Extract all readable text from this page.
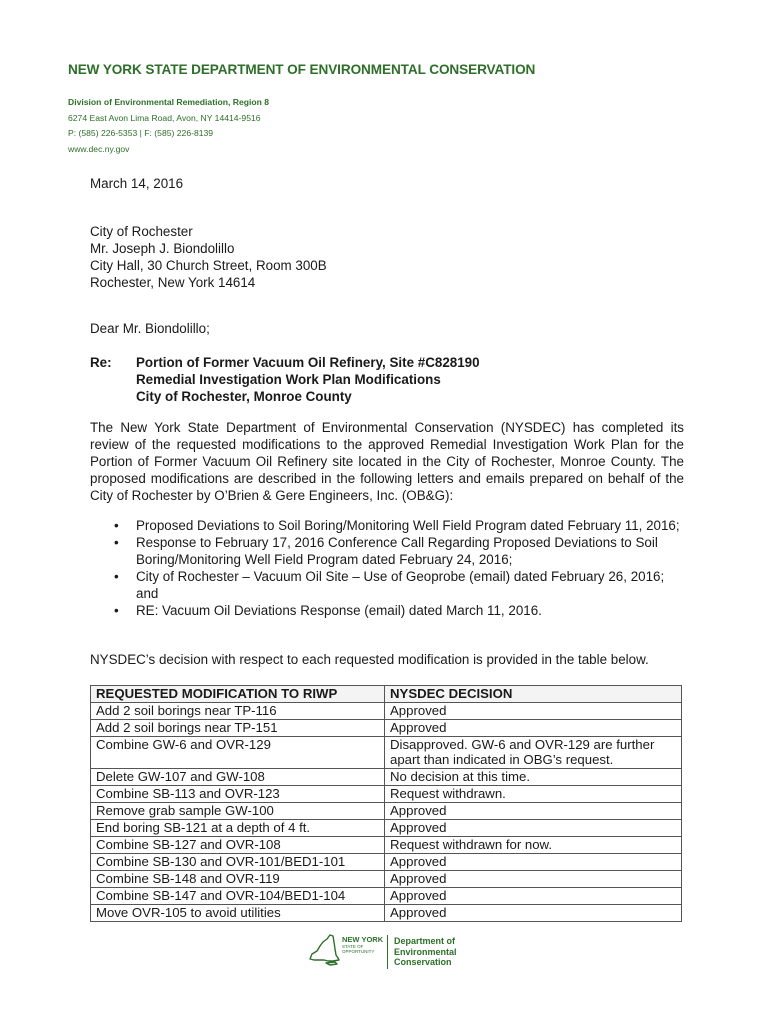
NEW YORK STATE DEPARTMENT OF ENVIRONMENTAL CONSERVATION
Division of Environmental Remediation, Region 8
6274 East Avon Lima Road, Avon, NY 14414-9516
P: (585) 226-5353 | F: (585) 226-8139
www.dec.ny.gov
March 14, 2016
City of Rochester
Mr. Joseph J. Biondolillo
City Hall, 30 Church Street, Room 300B
Rochester, New York 14614
Dear Mr. Biondolillo;
Re: Portion of Former Vacuum Oil Refinery, Site #C828190
Remedial Investigation Work Plan Modifications
City of Rochester, Monroe County
The New York State Department of Environmental Conservation (NYSDEC) has completed its review of the requested modifications to the approved Remedial Investigation Work Plan for the Portion of Former Vacuum Oil Refinery site located in the City of Rochester, Monroe County. The proposed modifications are described in the following letters and emails prepared on behalf of the City of Rochester by O’Brien & Gere Engineers, Inc. (OB&G):
• Proposed Deviations to Soil Boring/Monitoring Well Field Program dated February 11, 2016;
• Response to February 17, 2016 Conference Call Regarding Proposed Deviations to Soil Boring/Monitoring Well Field Program dated February 24, 2016;
• City of Rochester – Vacuum Oil Site – Use of Geoprobe (email) dated February 26, 2016; and
• RE: Vacuum Oil Deviations Response (email) dated March 11, 2016.
NYSDEC’s decision with respect to each requested modification is provided in the table below.
REQUESTED MODIFICATION TO RIWP	NYSDEC DECISION
Add 2 soil borings near TP-116	Approved
Add 2 soil borings near TP-151	Approved
Combine GW-6 and OVR-129	Disapproved. GW-6 and OVR-129 are further apart than indicated in OBG’s request.
Delete GW-107 and GW-108	No decision at this time.
Combine SB-113 and OVR-123	Request withdrawn.
Remove grab sample GW-100	Approved
End boring SB-121 at a depth of 4 ft.	Approved
Combine SB-127 and OVR-108	Request withdrawn for now.
Combine SB-130 and OVR-101/BED1-101	Approved
Combine SB-148 and OVR-119	Approved
Combine SB-147 and OVR-104/BED1-104	Approved
Move OVR-105 to avoid utilities	Approved
NEW YORK
STATE OF
OPPORTUNITY
Department of
Environmental
Conservation
